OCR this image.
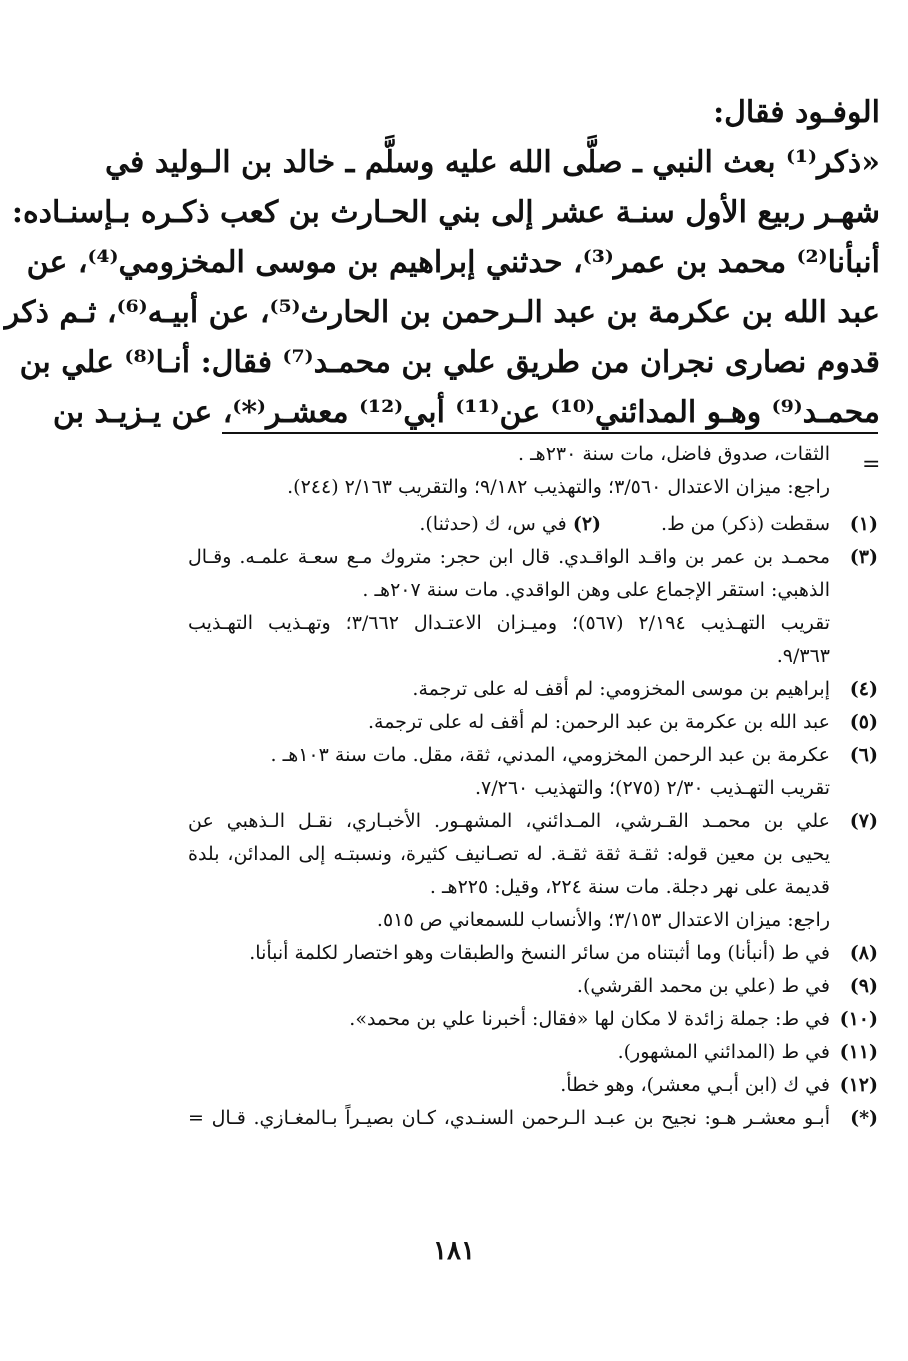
الوفـود فقال:
«ذكر⁽¹⁾ بعث النبي ـ صلَّى الله عليه وسلَّم ـ خالد بن الـوليد في
شهـر ربيع الأول سنـة عشر إلى بني الحـارث بن كعب ذكـره بـإسنـاده:
أنبأنا⁽²⁾ محمد بن عمر⁽³⁾، حدثني إبراهيم بن موسى المخزومي⁽⁴⁾، عن
عبد الله بن عكرمة بن عبد الـرحمن بن الحارث⁽⁵⁾، عن أبيـه⁽⁶⁾، ثـم ذكر
قدوم نصارى نجران من طريق علي بن محمـد⁽⁷⁾ فقال: أنـا⁽⁸⁾ علي بن
محمـد⁽⁹⁾ وهـو المدائني⁽¹⁰⁾ عن⁽¹¹⁾ أبي⁽¹²⁾ معشـر⁽*⁾، عن يـزيـد بن
=
الثقات، صدوق فاضل، مات سنة ٢٣٠هـ .
راجع: ميزان الاعتدال ٣/٥٦٠؛ والتهذيب ٩/١٨٢؛ والتقريب ٢/١٦٣ (٢٤٤).
(١)
سقطت (ذكر) من ط.
(٢) في س، ك (حدثنا).
(٣)
محمـد بن عمر بن واقـد الواقـدي. قال ابن حجر: متروك مـع سعـة علمـه. وقـال
الذهبي: استقر الإجماع على وهن الواقدي. مات سنة ٢٠٧هـ .
تقريب التهـذيب ٢/١٩٤ (٥٦٧)؛ وميـزان الاعتـدال ٣/٦٦٢؛ وتهـذيب التهـذيب
٩/٣٦٣.
(٤)
إبراهيم بن موسى المخزومي: لم أقف له على ترجمة.
(٥)
عبد الله بن عكرمة بن عبد الرحمن: لم أقف له على ترجمة.
(٦)
عكرمة بن عبد الرحمن المخزومي، المدني، ثقة، مقل. مات سنة ١٠٣هـ .
تقريب التهـذيب ٢/٣٠ (٢٧٥)؛ والتهذيب ٧/٢٦٠.
(٧)
علي بن محمـد القـرشي، المـدائني، المشهـور. الأخبـاري، نقـل الـذهبي عن
يحيى بن معين قوله: ثقـة ثقة ثقـة. له تصـانيف كثيرة، ونسبتـه إلى المدائن، بلدة
قديمة على نهر دجلة. مات سنة ٢٢٤، وقيل: ٢٢٥هـ .
راجع: ميزان الاعتدال ٣/١٥٣؛ والأنساب للسمعاني ص ٥١٥.
(٨)
في ط (أنبأنا) وما أثبتناه من سائر النسخ والطبقات وهو اختصار لكلمة أنبأنا.
(٩)
في ط (علي بن محمد القرشي).
(١٠)
في ط: جملة زائدة لا مكان لها «فقال: أخبرنا علي بن محمد».
(١١)
في ط (المدائني المشهور).
(١٢)
في ك (ابن أبـي معشر)، وهو خطأ.
(*)
أبـو معشـر هـو: نجيح بن عبـد الـرحمن السنـدي، كـان بصيـراً بـالمغـازي. قـال =
١٨١
